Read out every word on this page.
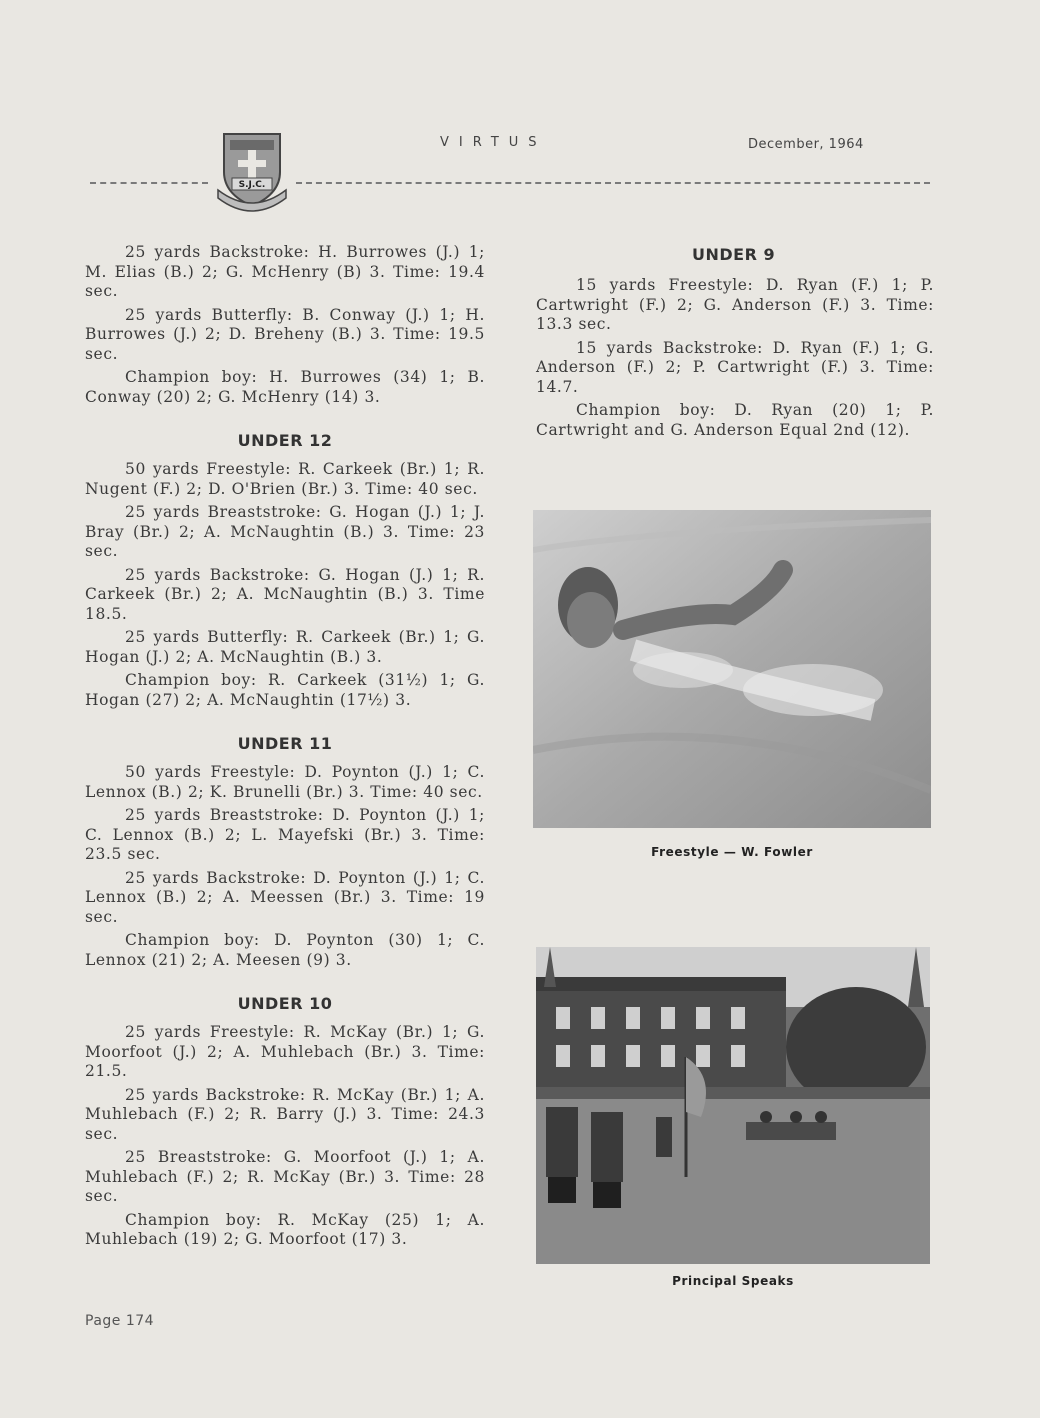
S.J.C.
VIRTUS	December, 1964

25 yards Backstroke: H. Burrowes (J.) 1; M. Elias (B.) 2; G. McHenry (B) 3. Time: 19.4 sec.

25 yards Butterfly: B. Conway (J.) 1; H. Burrowes (J.) 2; D. Breheny (B.) 3. Time: 19.5 sec.

Champion boy: H. Burrowes (34) 1; B. Conway (20) 2; G. McHenry (14) 3.

UNDER 12

50 yards Freestyle: R. Carkeek (Br.) 1; R. Nugent (F.) 2; D. O'Brien (Br.) 3. Time: 40 sec.

25 yards Breaststroke: G. Hogan (J.) 1; J. Bray (Br.) 2; A. McNaughtin (B.) 3. Time: 23 sec.

25 yards Backstroke: G. Hogan (J.) 1; R. Carkeek (Br.) 2; A. McNaughtin (B.) 3. Time 18.5.

25 yards Butterfly: R. Carkeek (Br.) 1; G. Hogan (J.) 2; A. McNaughtin (B.) 3.

Champion boy: R. Carkeek (31½) 1; G. Hogan (27) 2; A. McNaughtin (17½) 3.

UNDER 11

50 yards Freestyle: D. Poynton (J.) 1; C. Lennox (B.) 2; K. Brunelli (Br.) 3. Time: 40 sec.

25 yards Breaststroke: D. Poynton (J.) 1; C. Lennox (B.) 2; L. Mayefski (Br.) 3. Time: 23.5 sec.

25 yards Backstroke: D. Poynton (J.) 1; C. Lennox (B.) 2; A. Meessen (Br.) 3. Time: 19 sec.

Champion boy: D. Poynton (30) 1; C. Lennox (21) 2; A. Meesen (9) 3.

UNDER 10

25 yards Freestyle: R. McKay (Br.) 1; G. Moorfoot (J.) 2; A. Muhlebach (Br.) 3. Time: 21.5.

25 yards Backstroke: R. McKay (Br.) 1; A. Muhlebach (F.) 2; R. Barry (J.) 3. Time: 24.3 sec.

25 Breaststroke: G. Moorfoot (J.) 1; A. Muhlebach (F.) 2; R. McKay (Br.) 3. Time: 28 sec.

Champion boy: R. McKay (25) 1; A. Muhlebach (19) 2; G. Moorfoot (17) 3.

UNDER 9

15 yards Freestyle: D. Ryan (F.) 1; P. Cartwright (F.) 2; G. Anderson (F.) 3. Time: 13.3 sec.

15 yards Backstroke: D. Ryan (F.) 1; G. Anderson (F.) 2; P. Cartwright (F.) 3. Time: 14.7.

Champion boy: D. Ryan (20) 1; P. Cartwright and G. Anderson Equal 2nd (12).

Freestyle — W. Fowler
Principal Speaks
Page 174
